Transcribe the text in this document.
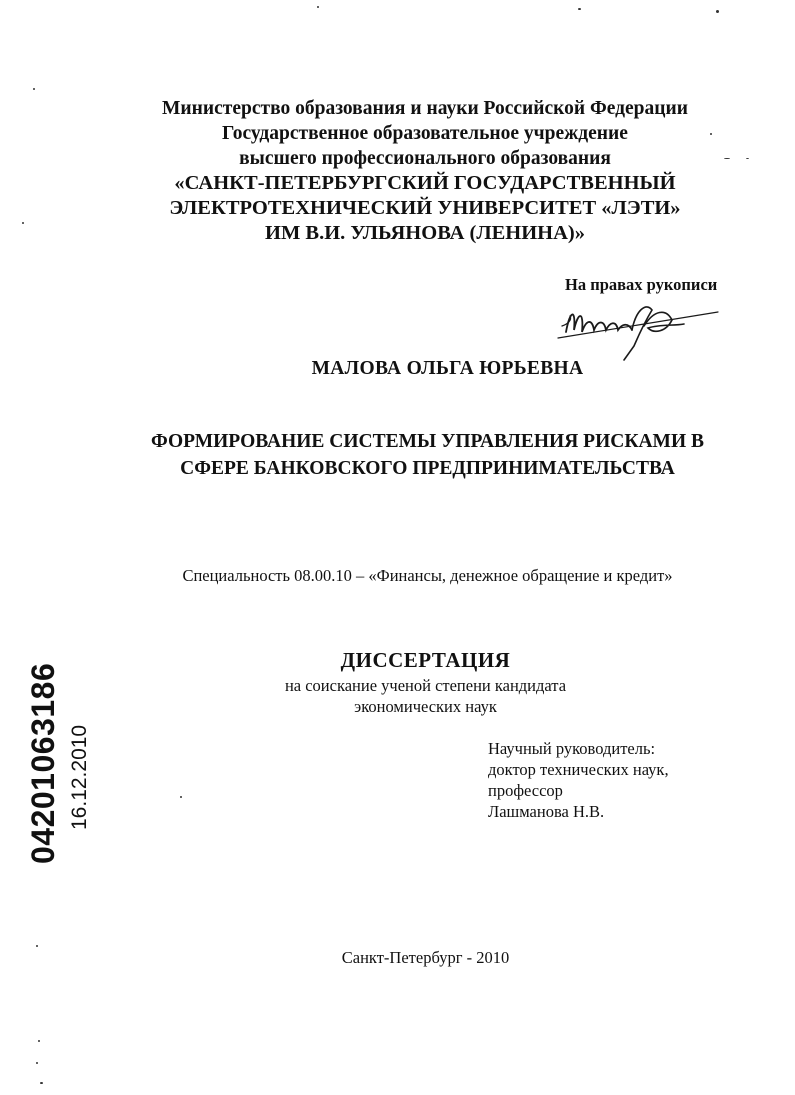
Министерство образования и науки Российской Федерации
Государственное образовательное учреждение
высшего профессионального образования
«САНКТ-ПЕТЕРБУРГСКИЙ ГОСУДАРСТВЕННЫЙ
ЭЛЕКТРОТЕХНИЧЕСКИЙ УНИВЕРСИТЕТ «ЛЭТИ»
ИМ В.И. УЛЬЯНОВА (ЛЕНИНА)»
На правах рукописи
МАЛОВА ОЛЬГА ЮРЬЕВНА
ФОРМИРОВАНИЕ СИСТЕМЫ УПРАВЛЕНИЯ РИСКАМИ В
СФЕРЕ БАНКОВСКОГО ПРЕДПРИНИМАТЕЛЬСТВА
Специальность 08.00.10 – «Финансы, денежное обращение и кредит»
ДИССЕРТАЦИЯ
на соискание ученой степени кандидата
экономических наук
Научный руководитель:
доктор технических наук,
профессор
Лашманова Н.В.
Санкт-Петербург - 2010
04201063186 16.12.2010
